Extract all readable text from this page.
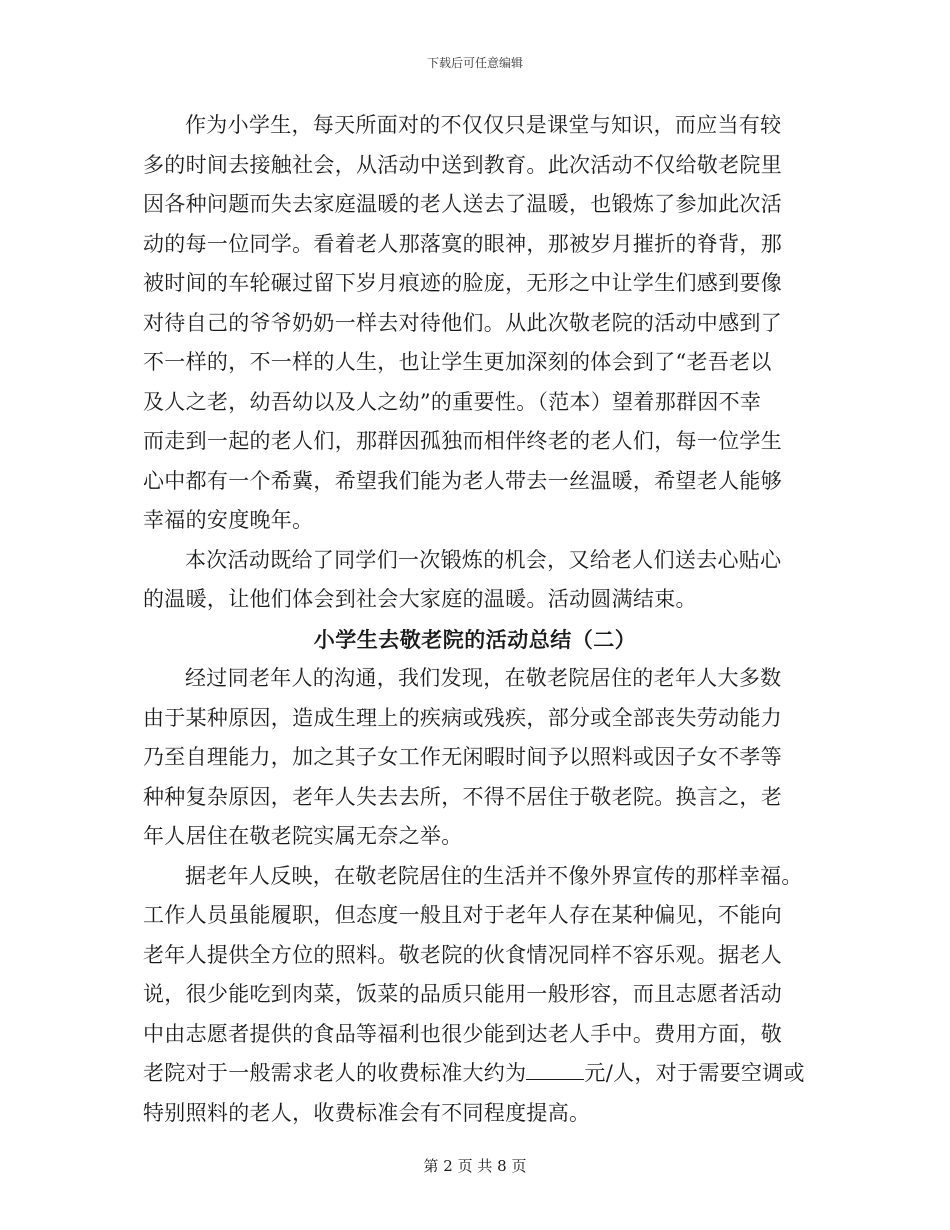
下载后可任意编辑

作为小学生，每天所面对的不仅仅只是课堂与知识，而应当有较
多的时间去接触社会，从活动中送到教育。此次活动不仅给敬老院里
因各种问题而失去家庭温暖的老人送去了温暖，也锻炼了参加此次活
动的每一位同学。看着老人那落寞的眼神，那被岁月摧折的脊背，那
被时间的车轮碾过留下岁月痕迹的脸庞，无形之中让学生们感到要像
对待自己的爷爷奶奶一样去对待他们。从此次敬老院的活动中感到了
不一样的，不一样的人生，也让学生更加深刻的体会到了“老吾老以
及人之老，幼吾幼以及人之幼”的重要性。（范本）望着那群因不幸
而走到一起的老人们，那群因孤独而相伴终老的老人们，每一位学生
心中都有一个希冀，希望我们能为老人带去一丝温暖，希望老人能够
幸福的安度晚年。

本次活动既给了同学们一次锻炼的机会，又给老人们送去心贴心
的温暖，让他们体会到社会大家庭的温暖。活动圆满结束。

小学生去敬老院的活动总结（二）

经过同老年人的沟通，我们发现，在敬老院居住的老年人大多数
由于某种原因，造成生理上的疾病或残疾，部分或全部丧失劳动能力
乃至自理能力，加之其子女工作无闲暇时间予以照料或因子女不孝等
种种复杂原因，老年人失去去所，不得不居住于敬老院。换言之，老
年人居住在敬老院实属无奈之举。

据老年人反映，在敬老院居住的生活并不像外界宣传的那样幸福。
工作人员虽能履职，但态度一般且对于老年人存在某种偏见，不能向
老年人提供全方位的照料。敬老院的伙食情况同样不容乐观。据老人
说，很少能吃到肉菜，饭菜的品质只能用一般形容，而且志愿者活动
中由志愿者提供的食品等福利也很少能到达老人手中。费用方面，敬
老院对于一般需求老人的收费标准大约为	元/人，对于需要空调或
特别照料的老人，收费标准会有不同程度提高。

第 2 页 共 8 页
